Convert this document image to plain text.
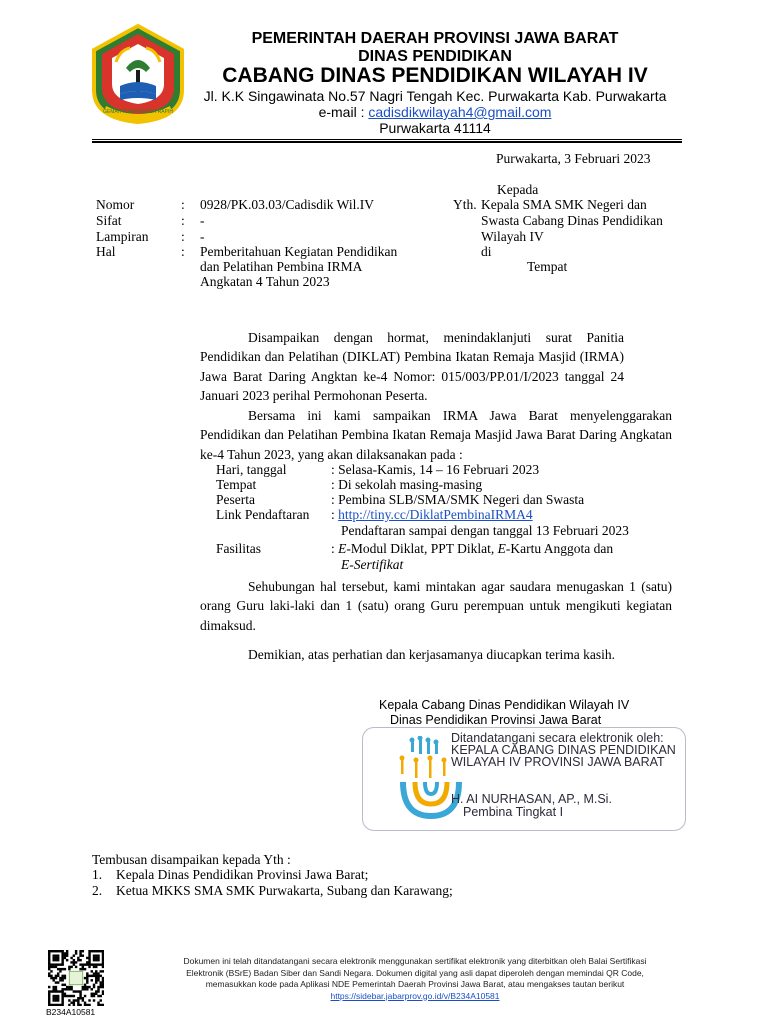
GEMAH RIPAH REPEH RAPIH
PEMERINTAH DAERAH PROVINSI JAWA BARAT
DINAS PENDIDIKAN
CABANG DINAS PENDIDIKAN WILAYAH IV
Jl. K.K Singawinata No.57 Nagri Tengah Kec. Purwakarta Kab. Purwakarta
e-mail : cadisdikwilayah4@gmail.com
Purwakarta 41114
Purwakarta, 3 Februari 2023
Nomor	: 0928/PK.03.03/Cadisdik Wil.IV
Sifat	: -
Lampiran : -
Hal	: Pemberitahuan Kegiatan Pendidikan
dan Pelatihan Pembina IRMA
Angkatan 4 Tahun 2023
Kepada
Yth. Kepala SMA SMK Negeri dan
Swasta Cabang Dinas Pendidikan
Wilayah IV
di
Tempat
Disampaikan dengan hormat, menindaklanjuti surat Panitia Pendidikan dan Pelatihan (DIKLAT) Pembina Ikatan Remaja Masjid (IRMA) Jawa Barat Daring Angktan ke-4 Nomor: 015/003/PP.01/I/2023 tanggal 24 Januari 2023 perihal Permohonan Peserta.
Bersama ini kami sampaikan IRMA Jawa Barat menyelenggarakan Pendidikan dan Pelatihan Pembina Ikatan Remaja Masjid Jawa Barat Daring Angkatan ke-4 Tahun 2023, yang akan dilaksanakan pada :
Hari, tanggal	: Selasa-Kamis, 14 – 16 Februari 2023
Tempat	: Di sekolah masing-masing
Peserta	: Pembina SLB/SMA/SMK Negeri dan Swasta
Link Pendaftaran : http://tiny.cc/DiklatPembinaIRMA4
Pendaftaran sampai dengan tanggal 13 Februari 2023
Fasilitas	: E-Modul Diklat, PPT Diklat, E-Kartu Anggota dan
E-Sertifikat
Sehubungan hal tersebut, kami mintakan agar saudara menugaskan 1 (satu) orang Guru laki-laki dan 1 (satu) orang Guru perempuan untuk mengikuti kegiatan dimaksud.
Demikian, atas perhatian dan kerjasamanya diucapkan terima kasih.
Kepala Cabang Dinas Pendidikan Wilayah IV
Dinas Pendidikan Provinsi Jawa Barat
Ditandatangani secara elektronik oleh:
KEPALA CABANG DINAS PENDIDIKAN
WILAYAH IV PROVINSI JAWA BARAT
H. AI NURHASAN, AP., M.Si.
Pembina Tingkat I
Tembusan disampaikan kepada Yth :
1. Kepala Dinas Pendidikan Provinsi Jawa Barat;
2. Ketua MKKS SMA SMK Purwakarta, Subang dan Karawang;
B234A10581
Dokumen ini telah ditandatangani secara elektronik menggunakan sertifikat elektronik yang diterbitkan oleh Balai Sertifikasi
Elektronik (BSrE) Badan Siber dan Sandi Negara. Dokumen digital yang asli dapat diperoleh dengan memindai QR Code,
memasukkan kode pada Aplikasi NDE Pemerintah Daerah Provinsi Jawa Barat, atau mengakses tautan berikut
https://sidebar.jabarprov.go.id/v/B234A10581
